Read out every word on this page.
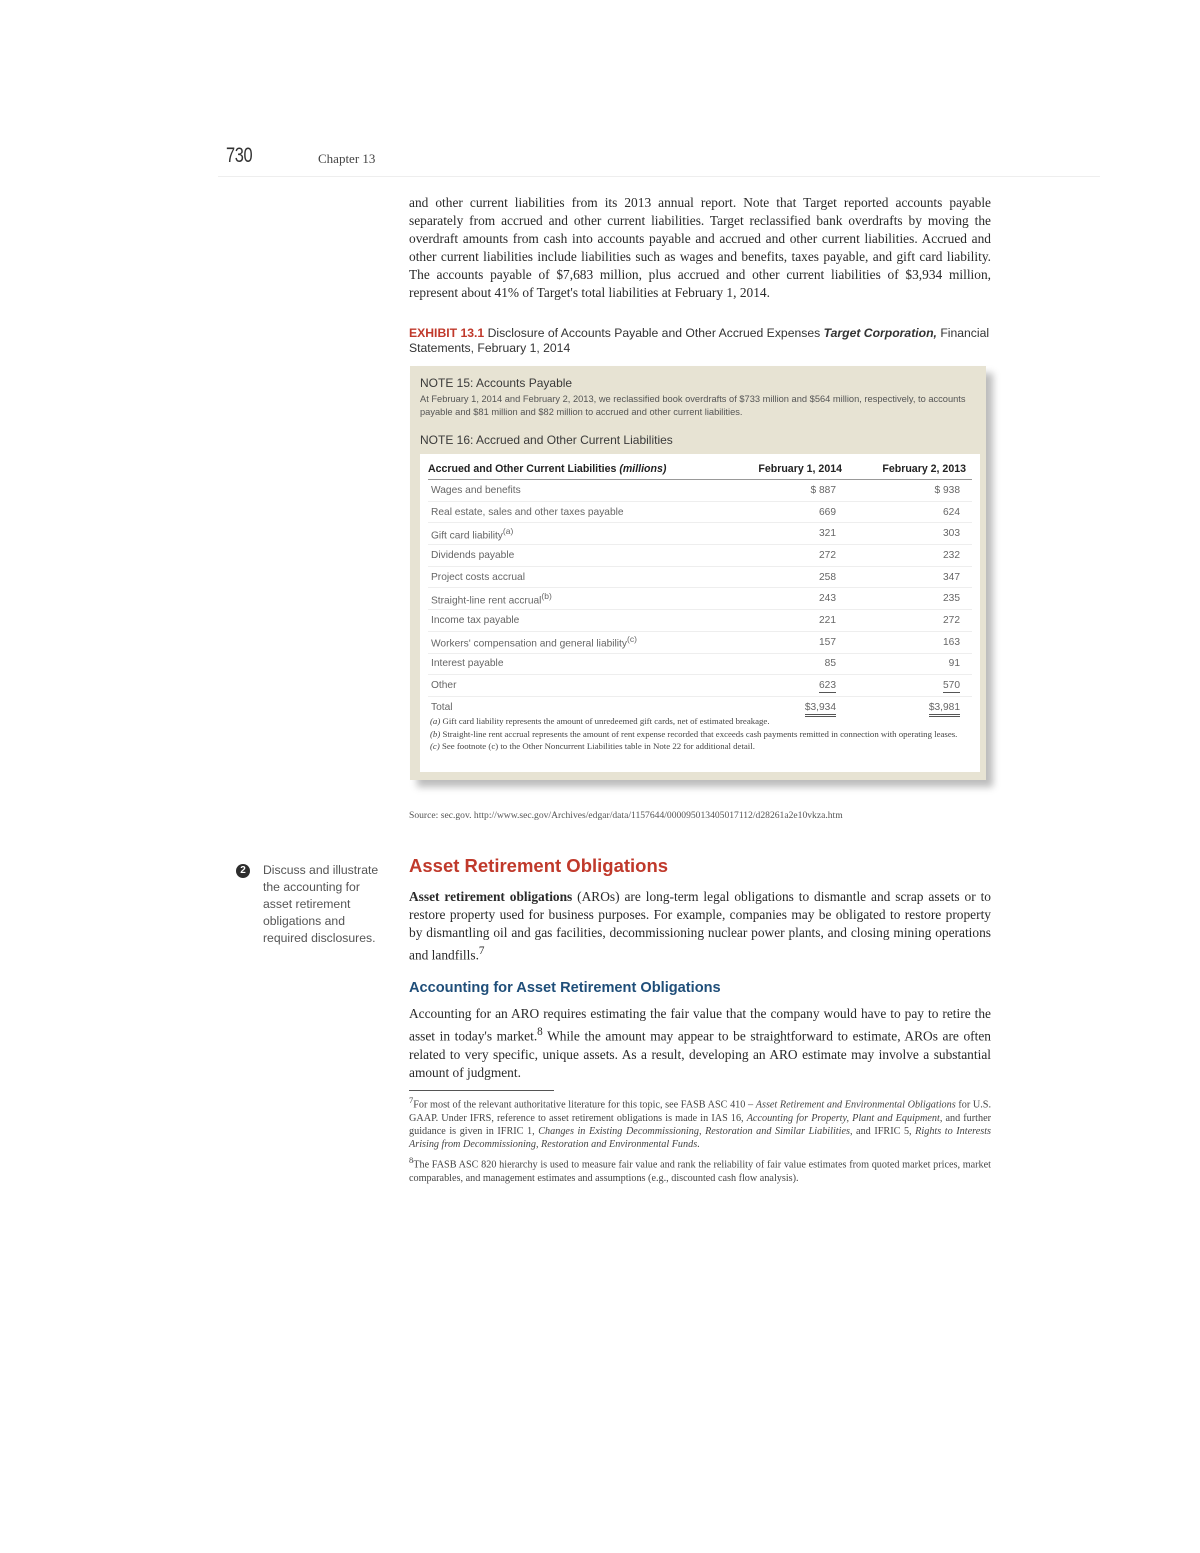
730	Chapter 13

and other current liabilities from its 2013 annual report. Note that Target reported accounts payable separately from accrued and other current liabilities. Target reclassified bank overdrafts by moving the overdraft amounts from cash into accounts payable and accrued and other current liabilities. Accrued and other current liabilities include liabilities such as wages and benefits, taxes payable, and gift card liability. The accounts payable of $7,683 million, plus accrued and other current liabilities of $3,934 million, represent about 41% of Target's total liabilities at February 1, 2014.

EXHIBIT 13.1 Disclosure of Accounts Payable and Other Accrued Expenses Target Corporation, Financial Statements, February 1, 2014

NOTE 15: Accounts Payable

At February 1, 2014 and February 2, 2013, we reclassified book overdrafts of $733 million and $564 million, respectively, to accounts payable and $81 million and $82 million to accrued and other current liabilities.

NOTE 16: Accrued and Other Current Liabilities

Accrued and Other Current Liabilities (millions)	February 1, 2014	February 2, 2013
Wages and benefits	$ 887	$ 938
Real estate, sales and other taxes payable	669	624
Gift card liability$^{(a)}$	321	303
Dividends payable	272	232
Project costs accrual	258	347
Straight-line rent accrual$^{(b)}$	243	235
Income tax payable	221	272
Workers' compensation and general liability$^{(c)}$	157	163
Interest payable	85	91
Other	623	570
Total	$3,934	$3,981

(a) Gift card liability represents the amount of unredeemed gift cards, net of estimated breakage.

(b) Straight-line rent accrual represents the amount of rent expense recorded that exceeds cash payments remitted in connection with operating leases.

(c) See footnote (c) to the Other Noncurrent Liabilities table in Note 22 for additional detail.

Source: sec.gov. http://www.sec.gov/Archives/edgar/data/1157644/000095013405017112/d28261a2e10vkza.htm
2	Discuss and illustrate the accounting for asset retirement obligations and required disclosures.

Asset Retirement Obligations

Asset retirement obligations (AROs) are long-term legal obligations to dismantle and scrap assets or to restore property used for business purposes. For example, companies may be obligated to restore property by dismantling oil and gas facilities, decommissioning nuclear power plants, and closing mining operations and landfills.$^7$

Accounting for Asset Retirement Obligations

Accounting for an ARO requires estimating the fair value that the company would have to pay to retire the asset in today's market.$^8$ While the amount may appear to be straightforward to estimate, AROs are often related to very specific, unique assets. As a result, developing an ARO estimate may involve a substantial amount of judgment.

$^7$For most of the relevant authoritative literature for this topic, see FASB ASC 410 – Asset Retirement and Environmental Obligations for U.S. GAAP. Under IFRS, reference to asset retirement obligations is made in IAS 16, Accounting for Property, Plant and Equipment, and further guidance is given in IFRIC 1, Changes in Existing Decommissioning, Restoration and Similar Liabilities, and IFRIC 5, Rights to Interests Arising from Decommissioning, Restoration and Environmental Funds.

$^8$The FASB ASC 820 hierarchy is used to measure fair value and rank the reliability of fair value estimates from quoted market prices, market comparables, and management estimates and assumptions (e.g., discounted cash flow analysis).
